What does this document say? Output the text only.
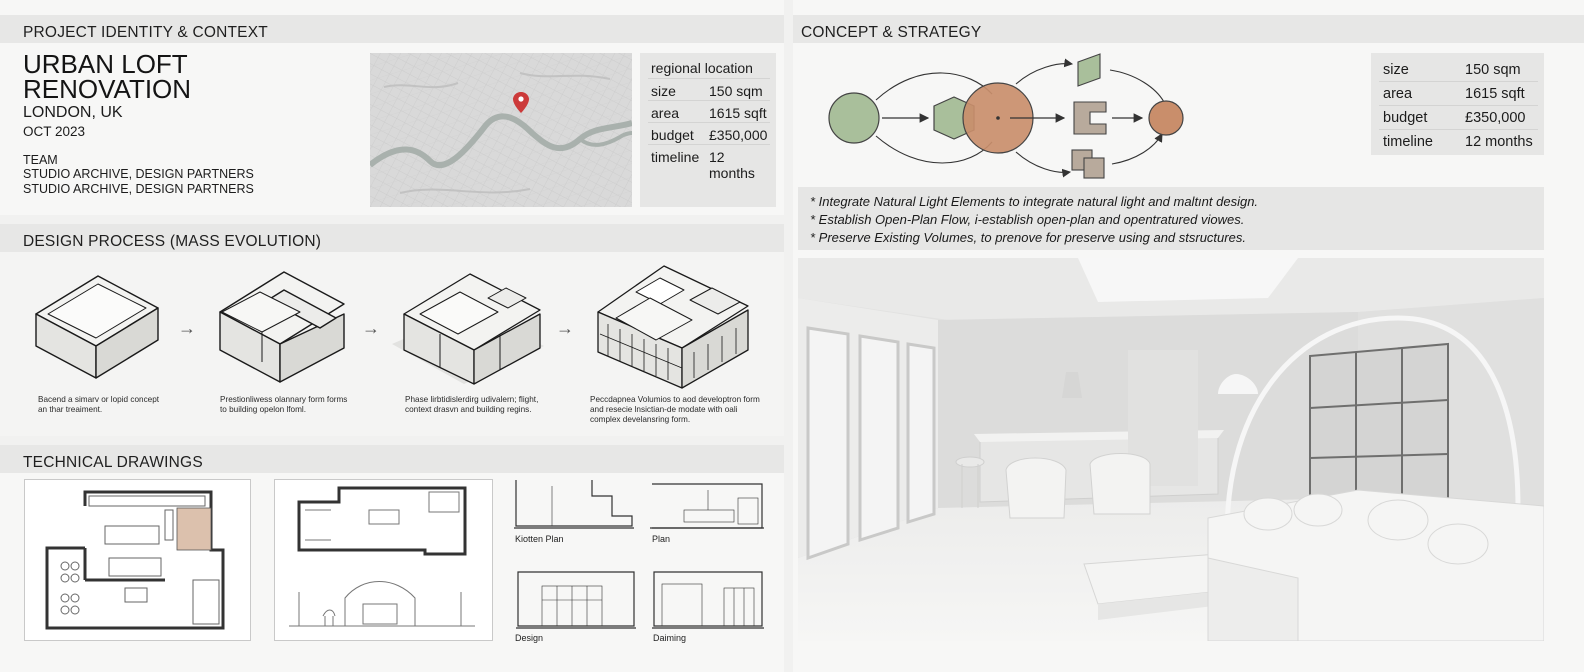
PROJECT IDENTITY & CONTEXT
URBAN LOFT
RENOVATION
LONDON, UK
OCT 2023
TEAM
STUDIO ARCHIVE, DESIGN PARTNERS
STUDIO ARCHIVE, DESIGN PARTNERS
regional location
size 150 sqm
area 1615 sqft
budget £350,000
timeline 12 months
DESIGN PROCESS (MASS EVOLUTION)
→	→	→
Bacend a simarv or lopid concept
an thar treaiment.
Prestionliwess olannary form forms
to building opelon lfoml.
Phase lirbtidislerdirg udivalern; flight,
context drasvn and building regins.
Peccdapnea Volumios to aod developtron form
and resecie lnsictian-de modate with oali
complex develansring form.
TECHNICAL DRAWINGS
Kiotten Plan	Plan
Design	Daiming
CONCEPT & STRATEGY
size	150 sqm
area	1615 sqft
budget	£350,000
timeline 12 months
* Integrate Natural Light Elements to integrate natural light and maltınt design.
* Establish Open-Plan Flow, i-establish open-plan and opentratured viowes.
* Preserve Existing Volumes, to prenove for preserve using and stsructures.
